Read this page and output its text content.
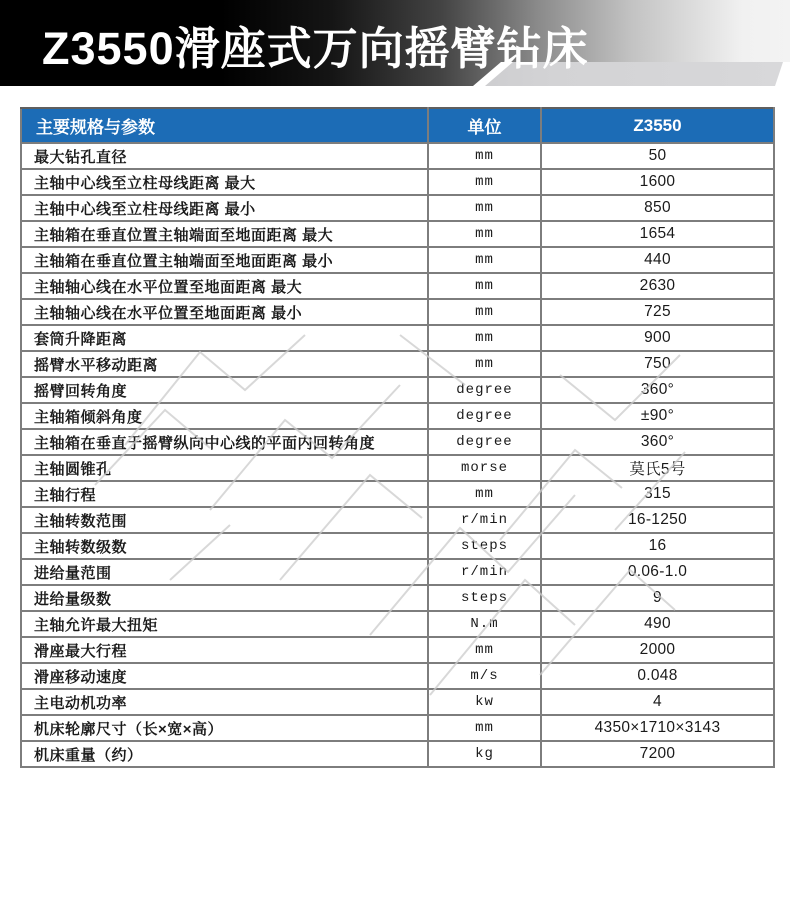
Z3550滑座式万向摇臂钻床
主要规格与参数	单位	Z3550
最大钻孔直径	mm	50
主轴中心线至立柱母线距离 最大	mm	1600
主轴中心线至立柱母线距离 最小	mm	850
主轴箱在垂直位置主轴端面至地面距离 最大	mm	1654
主轴箱在垂直位置主轴端面至地面距离 最小	mm	440
主轴轴心线在水平位置至地面距离 最大	mm	2630
主轴轴心线在水平位置至地面距离 最小	mm	725
套筒升降距离	mm	900
摇臂水平移动距离	mm	750
摇臂回转角度	degree	360°
主轴箱倾斜角度	degree	±90°
主轴箱在垂直于摇臂纵向中心线的平面内回转角度	degree	360°
主轴圆锥孔	morse	莫氏5号
主轴行程	mm	315
主轴转数范围	r/min	16-1250
主轴转数级数	steps	16
进给量范围	r/min	0.06-1.0
进给量级数	steps	9
主轴允许最大扭矩	N.m	490
滑座最大行程	mm	2000
滑座移动速度	m/s	0.048
主电动机功率	kw	4
机床轮廓尺寸（长×宽×高）	mm	4350×1710×3143
机床重量（约）	kg	7200
